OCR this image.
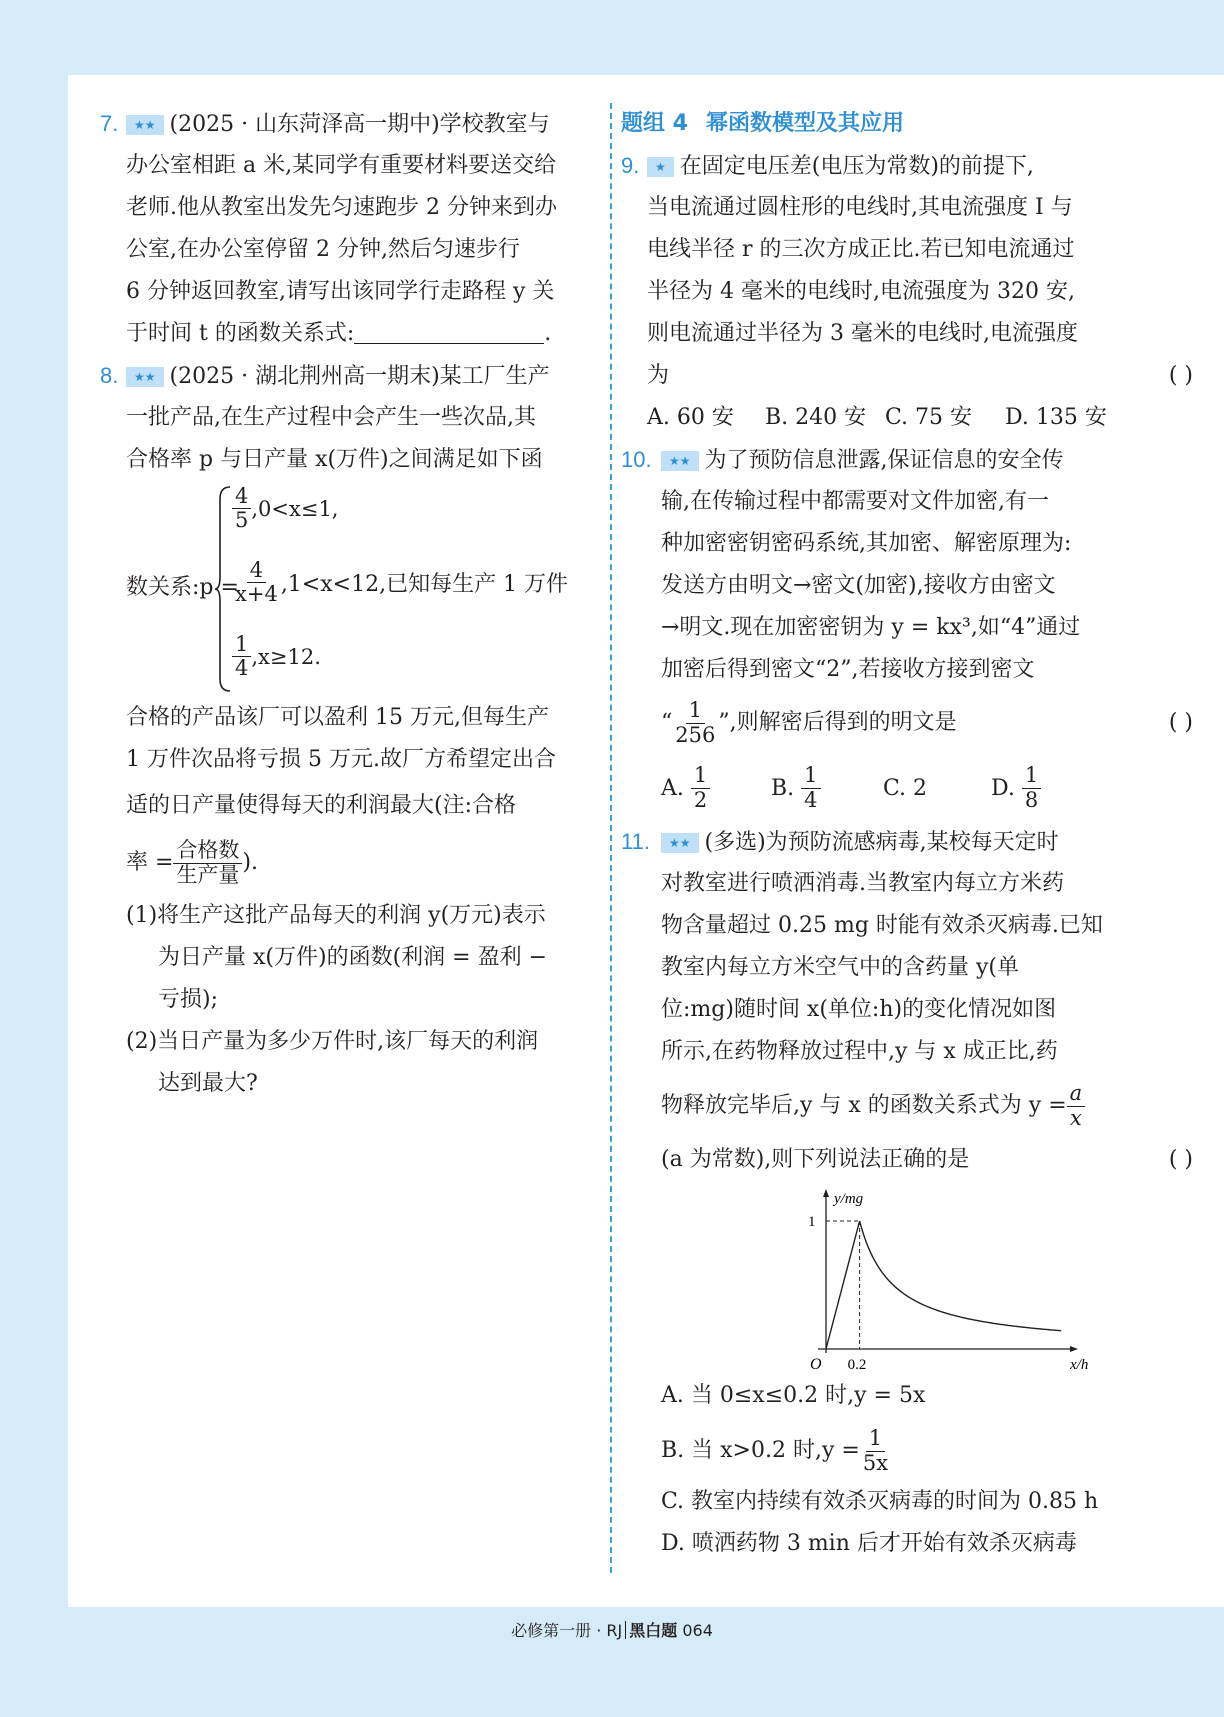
7. ★★ (2025 · 山东菏泽高一期中)学校教室与
办公室相距 a 米,某同学有重要材料要送交给
老师.他从教室出发先匀速跑步 2 分钟来到办
公室,在办公室停留 2 分钟,然后匀速步行
6 分钟返回教室,请写出该同学行走路程 y 关
于时间 t 的函数关系式:	.
8. ★★ (2025 · 湖北荆州高一期末)某工厂生产
一批产品,在生产过程中会产生一些次品,其
合格率 p 与日产量 x(万件)之间满足如下函
数关系:p =
$\frac{4}{5} ,0<x\le 1$,
$\frac{4}{x+4} ,1<x<12$,已知每生产 1 万件
$\frac{1}{4} ,x\ge 12$.
合格的产品该厂可以盈利 15 万元,但每生产
1 万件次品将亏损 5 万元.故厂方希望定出合
适的日产量使得每天的利润最大(注:合格
率 = $\frac{\text{合格数}}{\text{生产量}}$ ).
(1)将生产这批产品每天的利润 y(万元)表示
为日产量 x(万件)的函数(利润 = 盈利 −
亏损);
(2)当日产量为多少万件时,该厂每天的利润
达到最大?
题组 4 幂函数模型及其应用
9. ★ 在固定电压差(电压为常数)的前提下,
当电流通过圆柱形的电线时,其电流强度 I 与
电线半径 r 的三次方成正比.若已知电流通过
半径为 4 毫米的电线时,电流强度为 320 安,
则电流通过半径为 3 毫米的电线时,电流强度
为	( )
A. 60 安	B. 240 安 C. 75 安	D. 135 安
10. ★★ 为了预防信息泄露,保证信息的安全传
输,在传输过程中都需要对文件加密,有一
种加密密钥密码系统,其加密、解密原理为:
发送方由明文→密文(加密),接收方由密文
→明文.现在加密密钥为 y = kx³,如“4”通过
加密后得到密文“2”,若接收方接到密文
“ $\frac{1}{256}$ ”,则解密后得到的明文是	( )
A.
$\frac{1}{2}$	B.
$\frac{1}{4}$	C. 2	D.
$\frac{1}{8}$
11. ★★ (多选)为预防流感病毒,某校每天定时
对教室进行喷洒消毒.当教室内每立方米药
物含量超过 0.25 mg 时能有效杀灭病毒.已知
教室内每立方米空气中的含药量 y(单
位:mg)随时间 x(单位:h)的变化情况如图
所示,在药物释放过程中,y 与 x 成正比,药
物释放完毕后,y 与 x 的函数关系式为 $y = \frac{a}{x}$
(a 为常数),则下列说法正确的是	( )
y/mg
x/h
O 0.2
1
A. 当 0≤x≤0.2 时,y = 5x
B. 当 x>0.2 时$,y = \frac{1}{5x}$
C. 教室内持续有效杀灭病毒的时间为 0.85 h
D. 喷洒药物 3 min 后才开始有效杀灭病毒
必修第一册 · RJ 黑白题 064
